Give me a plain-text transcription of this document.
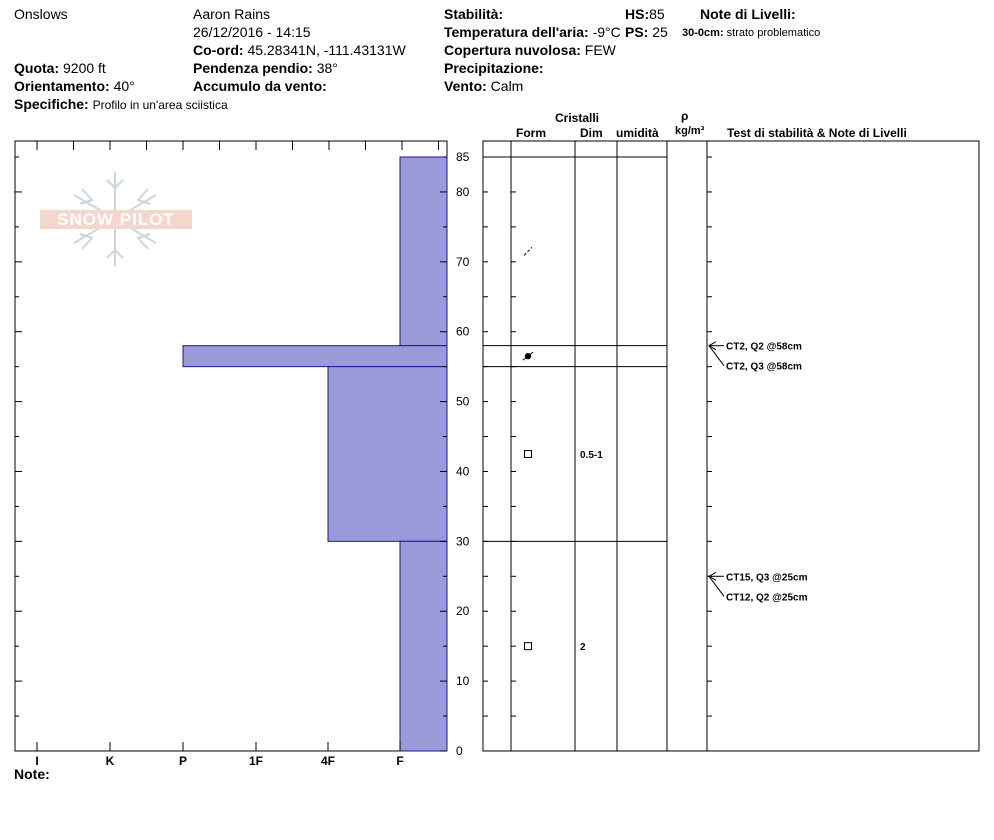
Onslows	Aaron Rains
26/12/2016 - 14:15
Co-ord: 45.28341N, -111.43131W
Quota: 9200 ft	Pendenza pendio: 38°
Orientamento: 40°	Accumulo da vento:
Specifiche: Profilo in un'area sciistica
Stabilità:
Temperatura dell'aria: -9°C
Copertura nuvolosa: FEW
Precipitazione:
Vento: Calm
HS:85
PS: 25
Note di Livelli:
30-0cm: strato problematico
Cristalli
Form	Dim umidità
ρ
kg/m³ Test di stabilità & Note di Livelli
SNOW PILOT
I	K	P	1F	4F	F
0
10
20
30
40
50
60
70
80
85
0.5-1
2
CT15, Q3 @25cm
CT12, Q2 @25cm
CT2, Q2 @58cm
CT2, Q3 @58cm
Note:
